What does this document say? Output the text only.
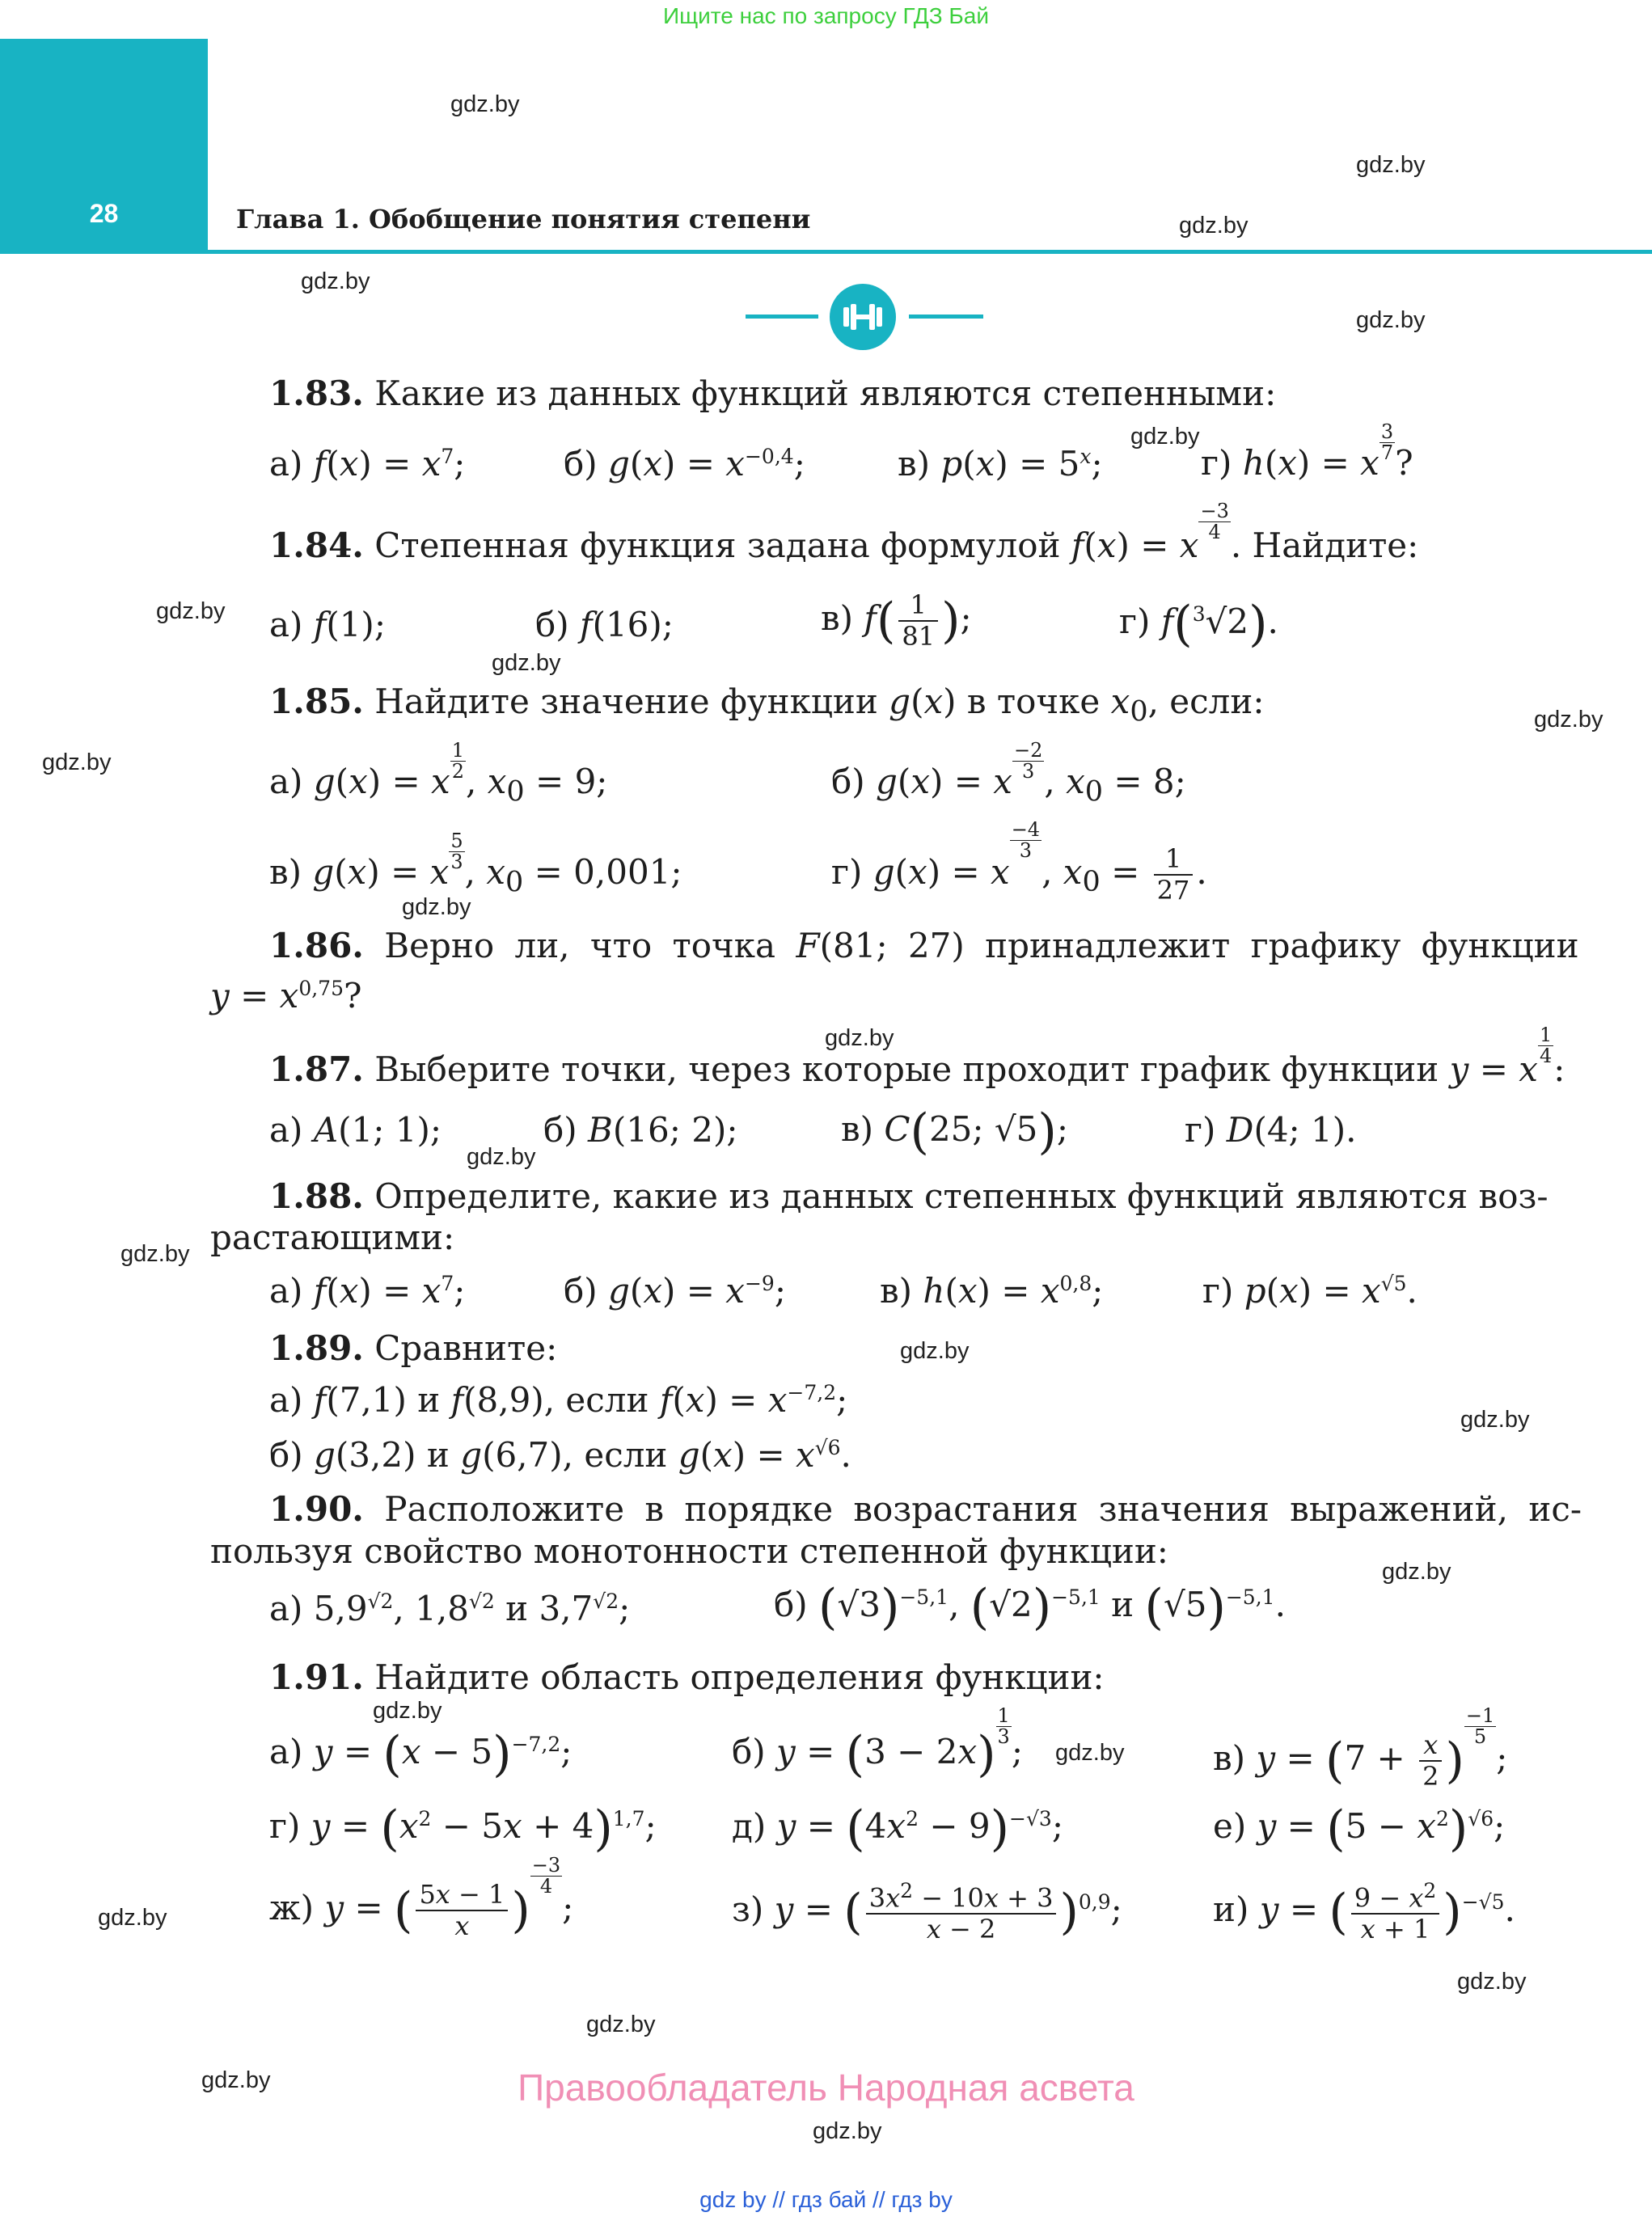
Ищите нас по запросу ГДЗ Бай
28	Глава 1. Обобщение понятия степени
1.83. Какие из данных функций являются степенными:
а) $f(x) = x^7$;	б) $g(x) = x^{-0,4}$;	в) $p(x) = 5^x$;	г) h(x) = x $\frac{3}{7}$ ?
1.84. Степенная функция задана формулой f(x) = x
$\frac{-3}{4}$
. Найдите:
а) f(1);	б) f(16);	в) $f( \frac{1}{81}$ );	г) f($^3$√2).
1.85. Найдите значение функции g(x) в точке $x_0$, если:
а) g(x) = x $\frac{1}{2}$ , $x_0 = 9$;	б) g(x) = x $\frac{-2}{3}$ , $x_0 = 8$;
в) g(x) = x $\frac{5}{3}$ , $x_0 = 0,001$;	г) g(x) = x
$\frac{-4}{3}$
, $x_0 = \frac{1}{27}$ .
1.86. Верно ли, что точка F(81; 27) принадлежит графику функции
$y = x^{0,75}$?
1.87. Выберите точки, через которые проходит график функции y = x
$\frac{1}{4}$
:
а) A(1; 1);	б) B(16; 2);	в) C(25; √5);	г) D(4; 1).
1.88. Определите, какие из данных степенных функций являются воз-
растающими:
а) $f(x) = x^7$;	б) $g(x) = x^{-9}$;	в) $h(x) = x^{0,8}$;	г) $p(x) = x^{√5}$.
1.89. Сравните:
а) f(7,1) и f(8,9), если $f(x) = x^{-7,2}$;
б) g(3,2) и g(6,7), если $g(x) = x^{√6}$.
1.90. Расположите в порядке возрастания значения выражений, ис-
пользуя свойство монотонности степенной функции:
а) $5,9^{√2}$, $1,8^{√2}$ и $3,7^{√2}$;	б) $(√3)^{-5,1}$, $(√2)^{-5,1}$ и $(√5)^{-5,1}$.
1.91. Найдите область определения функции:
а) $y = (x - 5)^{-7,2}$;	б) $y = (3 - 2x) \frac{1}{3}$
;	в) $y = (7 + \frac{x}{2}$ )
$\frac{-1}{5}$
;
г) $y = (x^2 - 5x + 4)^{1,7}$; д) $y = (4x^2 - 9)^{-√3}$;	е) $y = (5 - x^2)^{√6}$;
ж) y = ( $\frac{5x - 1}{x}$ )
$\frac{-3}{4}$
;	з) y = ( $\frac{3x^2 - 10x + 3}{x - 2} )^{0,9}$;	и) y = ( $\frac{9 - x^2}{x + 1} )^{-√5}$.
gdz.by
gdz.by
gdz.by
gdz.by
gdz.by
gdz.by
gdz.by
gdz.by
gdz.by
gdz.by
gdz.by
gdz.by
gdz.by
gdz.by
gdz.by
gdz.by
gdz.by
gdz.by
gdz.by
gdz.by
gdz.by
gdz.by
gdz.by
gdz.by
Правообладатель Народная асвета
gdz by // гдз бай // гдз by
